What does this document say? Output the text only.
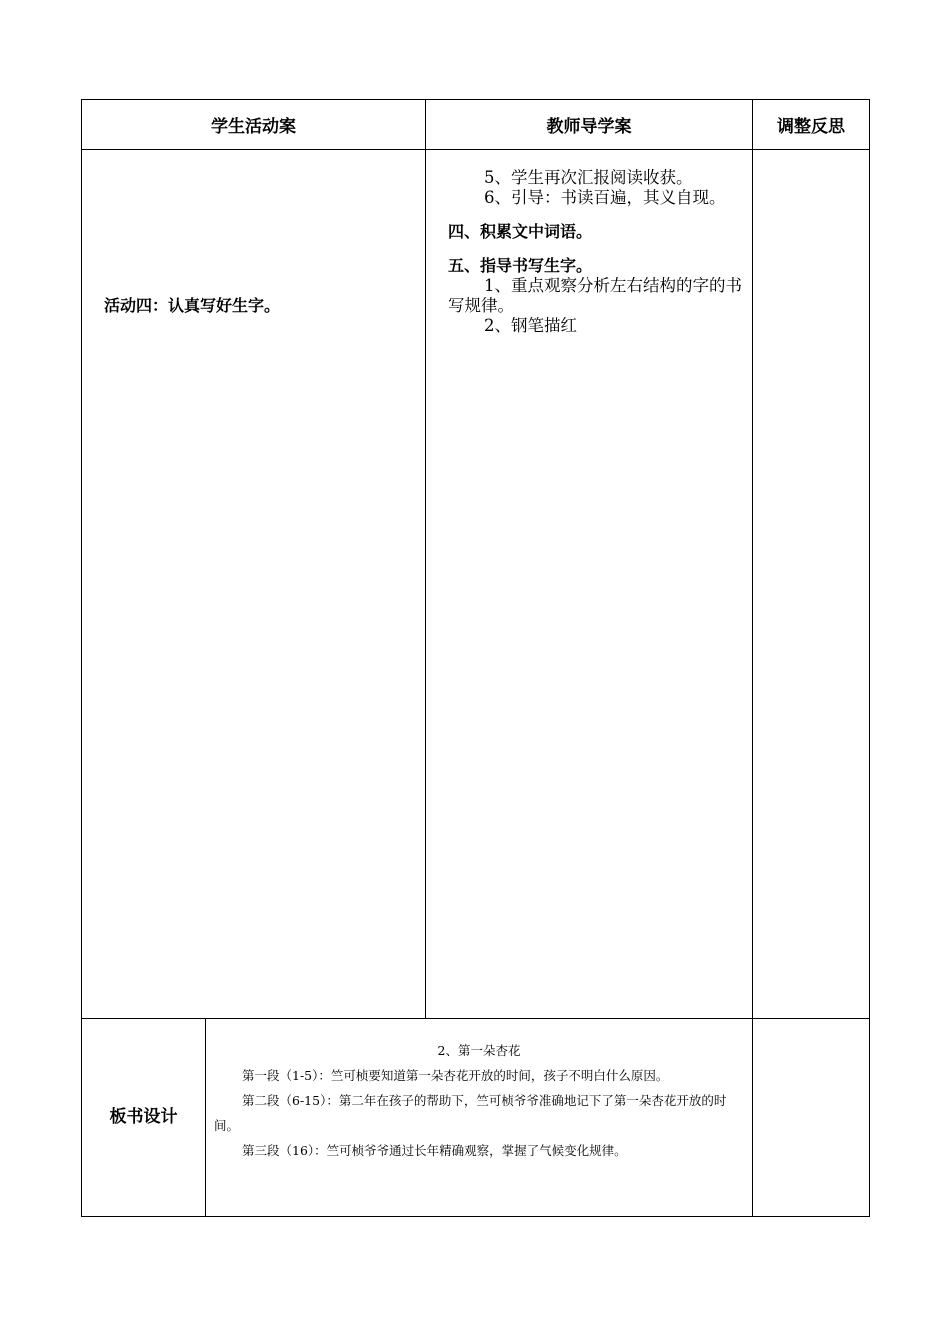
学生活动案	教师导学案	调整反思
活动四：认真写好生字。

5、学生再次汇报阅读收获。

6、引导：书读百遍，其义自现。

四、积累文中词语。

五、指导书写生字。

1、重点观察分析左右结构的字的书写规律。

2、钢笔描红

板书设计

2、第一朵杏花

第一段（1-5）：竺可桢要知道第一朵杏花开放的时间，孩子不明白什么原因。

第二段（6-15）：第二年在孩子的帮助下，竺可桢爷爷准确地记下了第一朵杏花开放的时间。

第三段（16）：竺可桢爷爷通过长年精确观察，掌握了气候变化规律。
